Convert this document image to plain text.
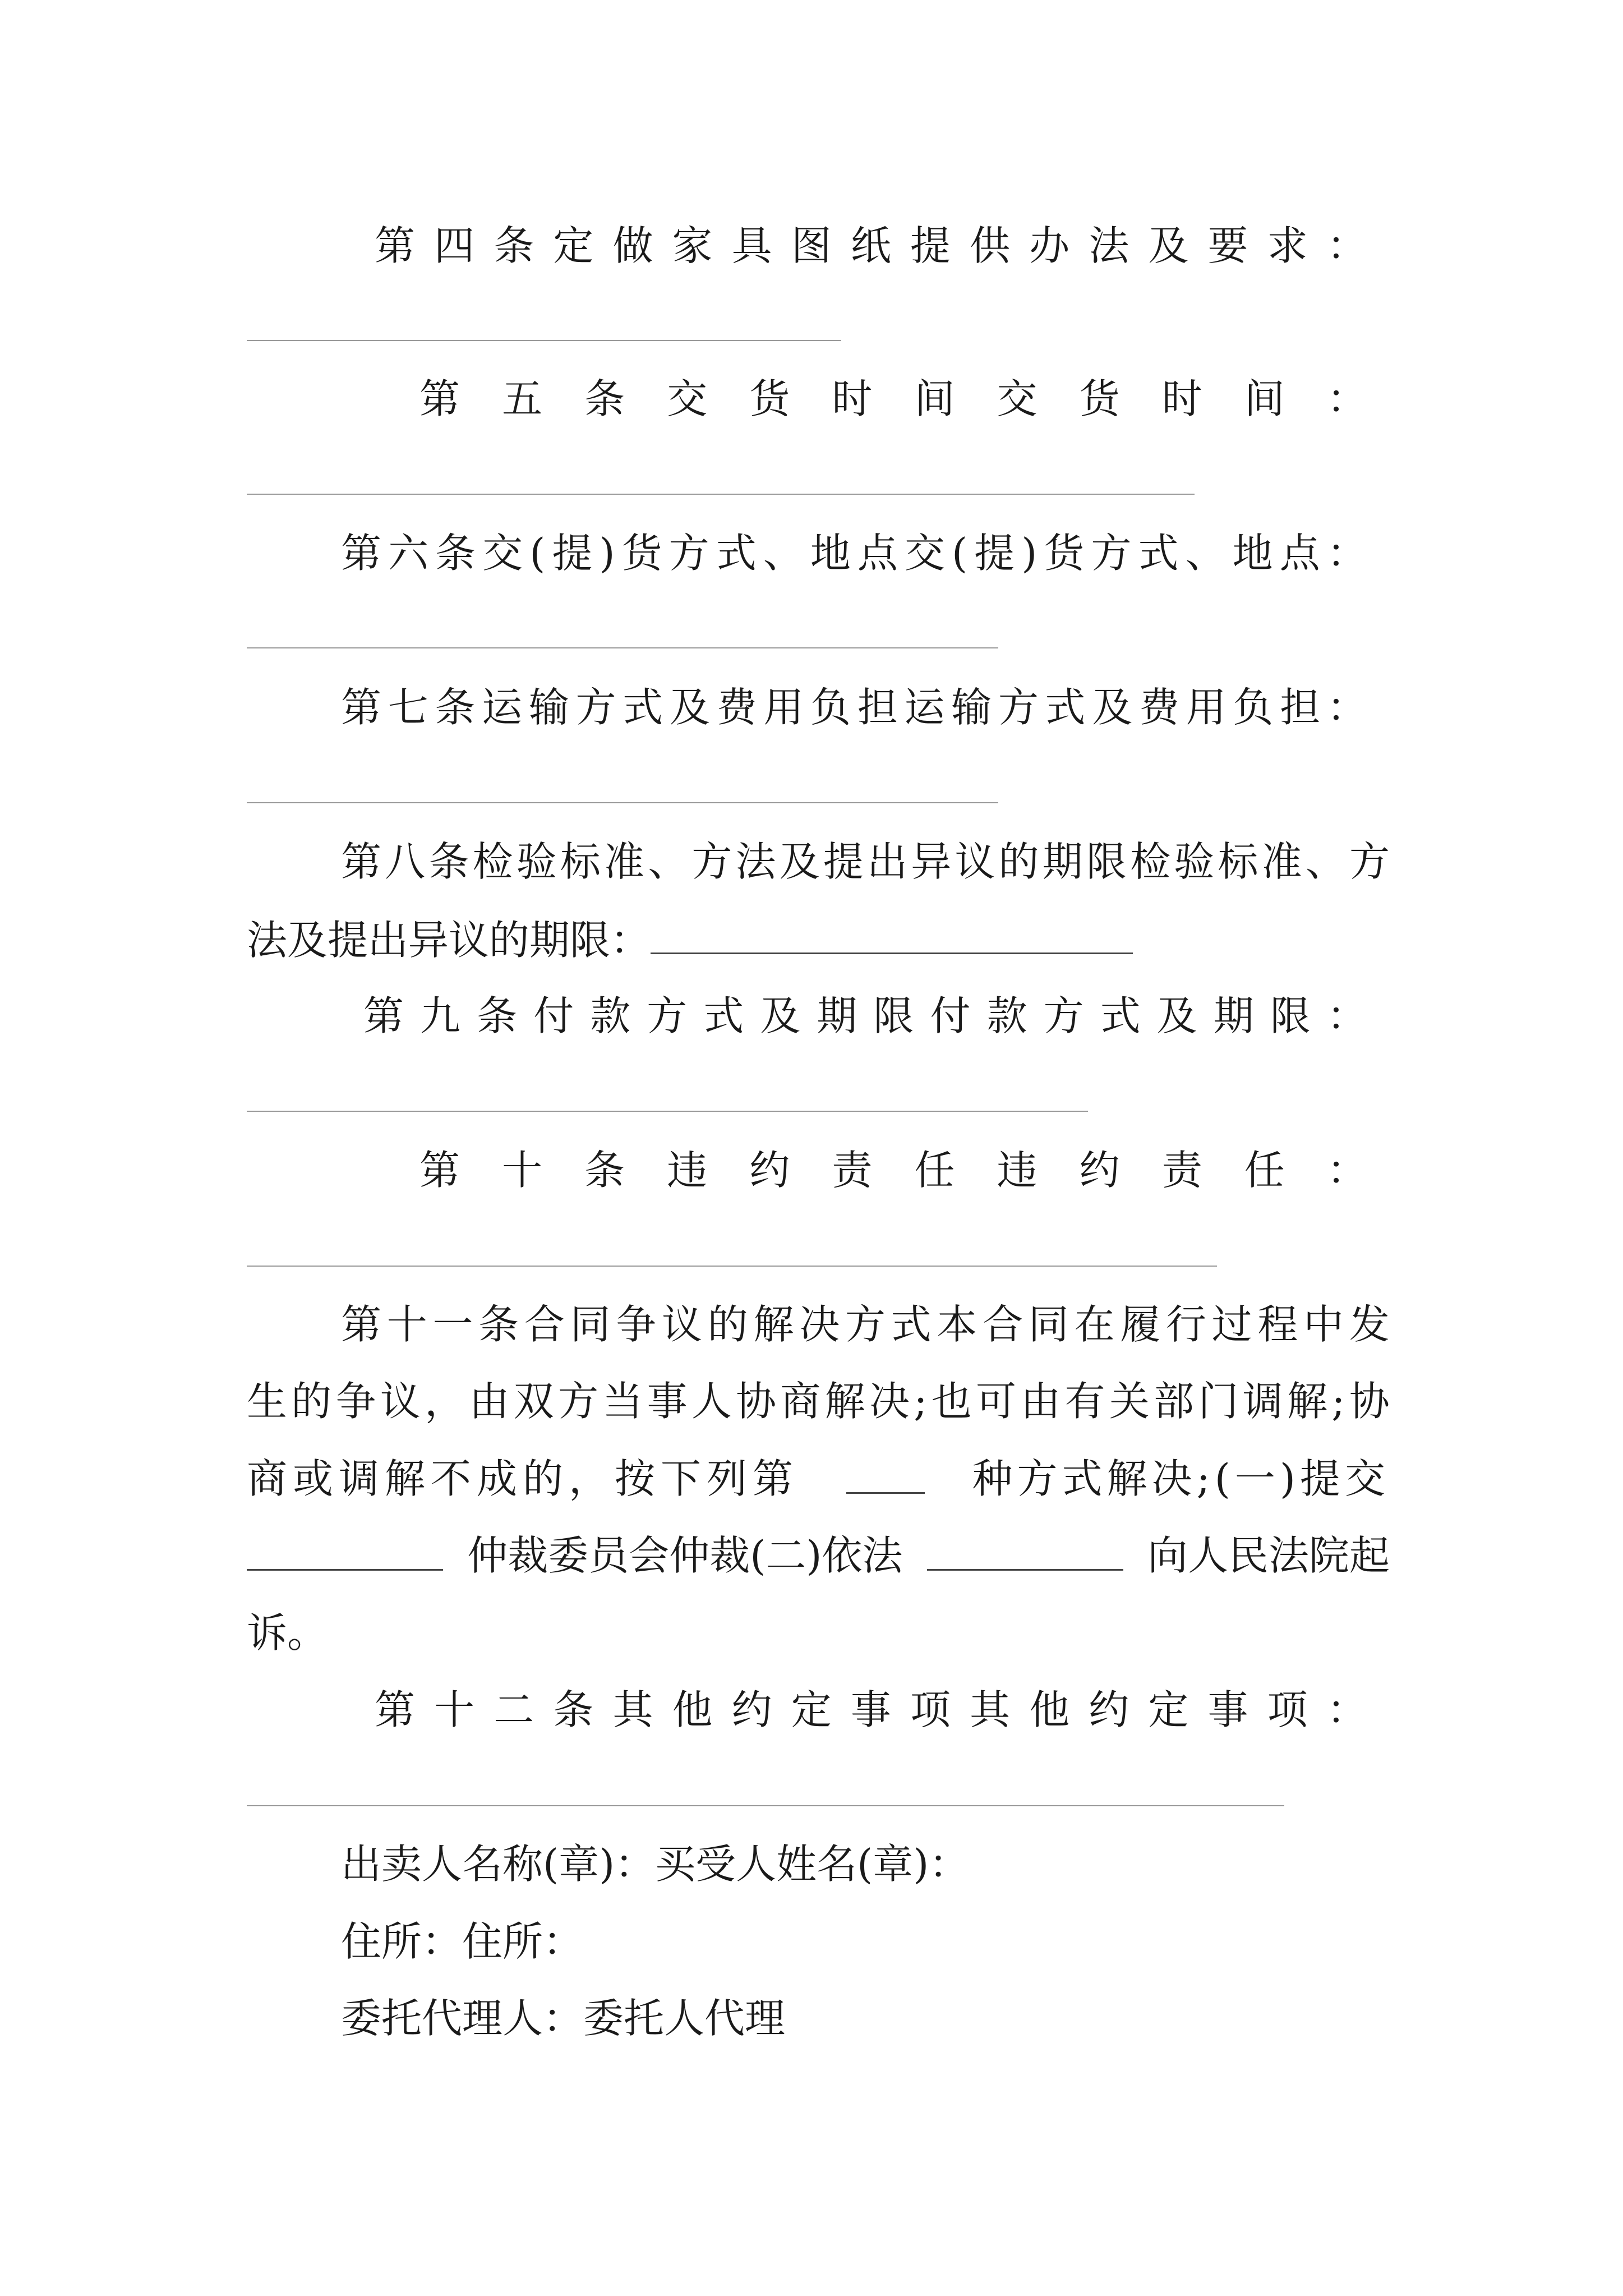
第 四 条 定 做 家 具 图 纸 提 供 办 法 及 要 求 ：
第 五 条 交 货 时 间 交 货 时 间 ：
第 六 条 交 ( 提 ) 货 方 式 、 地 点 交 ( 提 ) 货 方 式 、 地 点 ：
第 七 条 运 输 方 式 及 费 用 负 担 运 输 方 式 及 费 用 负 担 ：
第 八 条 检 验 标 准 、 方 法 及 提 出 异 议 的 期 限 检 验 标 准 、 方
法及提出异议的期限：
第 九 条 付 款 方 式 及 期 限 付 款 方 式 及 期 限 ：
第 十 条 违 约 责 任 违 约 责 任 ：
第 十 一 条 合 同 争 议 的 解 决 方 式 本 合 同 在 履 行 过 程 中 发
生 的 争 议 ， 由 双 方 当 事 人 协 商 解 决 ; 也 可 由 有 关 部 门 调 解 ; 协
商或调解不成的，按下列第	种方式解决;(一)提交
仲裁委员会仲裁(二)依法	向人民法院起
诉。
第 十 二 条 其 他 约 定 事 项 其 他 约 定 事 项 ：
出卖人名称(章)：买受人姓名(章)：
住所：住所：
委托代理人：委托人代理
